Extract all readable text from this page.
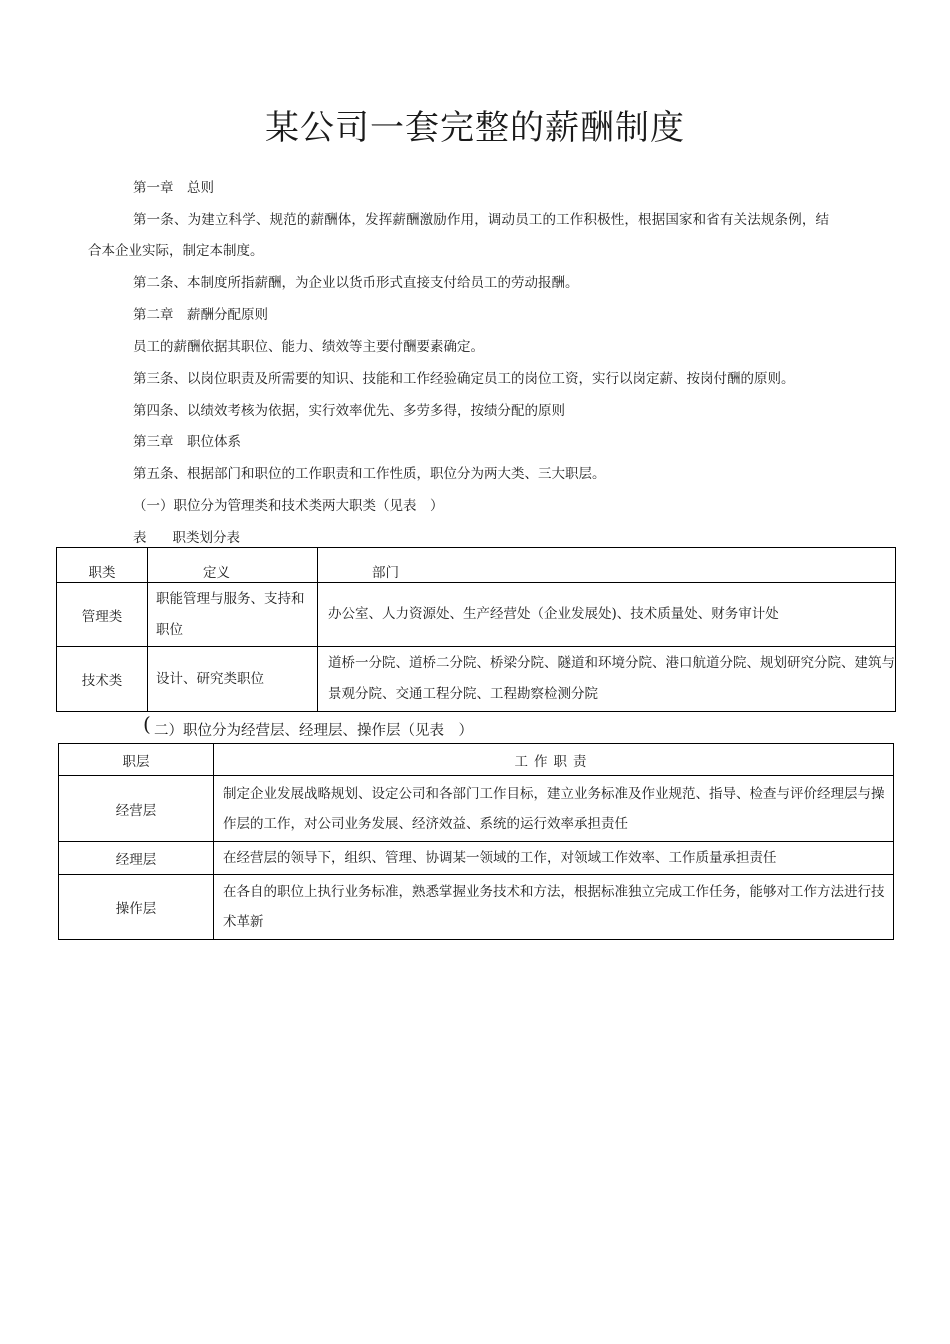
某公司一套完整的薪酬制度
第一章　总则
第一条、为建立科学、规范的薪酬体，发挥薪酬激励作用，调动员工的工作积极性，根据国家和省有关法规条例，结
合本企业实际，制定本制度。
第二条、本制度所指薪酬，为企业以货币形式直接支付给员工的劳动报酬。
第二章　薪酬分配原则
员工的薪酬依据其职位、能力、绩效等主要付酬要素确定。
第三条、以岗位职责及所需要的知识、技能和工作经验确定员工的岗位工资，实行以岗定薪、按岗付酬的原则。
第四条、以绩效考核为依据，实行效率优先、多劳多得，按绩分配的原则
第三章　职位体系
第五条、根据部门和职位的工作职责和工作性质，职位分为两大类、三大职层。
（一）职位分为管理类和技术类两大职类（见表　）
表 职类划分表
职类	定义	部门
管理类	职能管理与服务、支持和职位	办公室、人力资源处、生产经营处（企业发展处)、技术质量处、财务审计处
技术类	设计、研究类职位	道桥一分院、道桥二分院、桥梁分院、隧道和环境分院、港口航道分院、规划研究分院、建筑与景观分院、交通工程分院、工程勘察检测分院
( 二）职位分为经营层、经理层、操作层（见表　）
职层	工作职责
经营层	制定企业发展战略规划、设定公司和各部门工作目标，建立业务标准及作业规范、指导、检查与评价经理层与操作层的工作，对公司业务发展、经济效益、系统的运行效率承担责任
经理层	在经营层的领导下，组织、管理、协调某一领域的工作，对领域工作效率、工作质量承担责任
操作层	在各自的职位上执行业务标准，熟悉掌握业务技术和方法，根据标准独立完成工作任务，能够对工作方法进行技术革新
